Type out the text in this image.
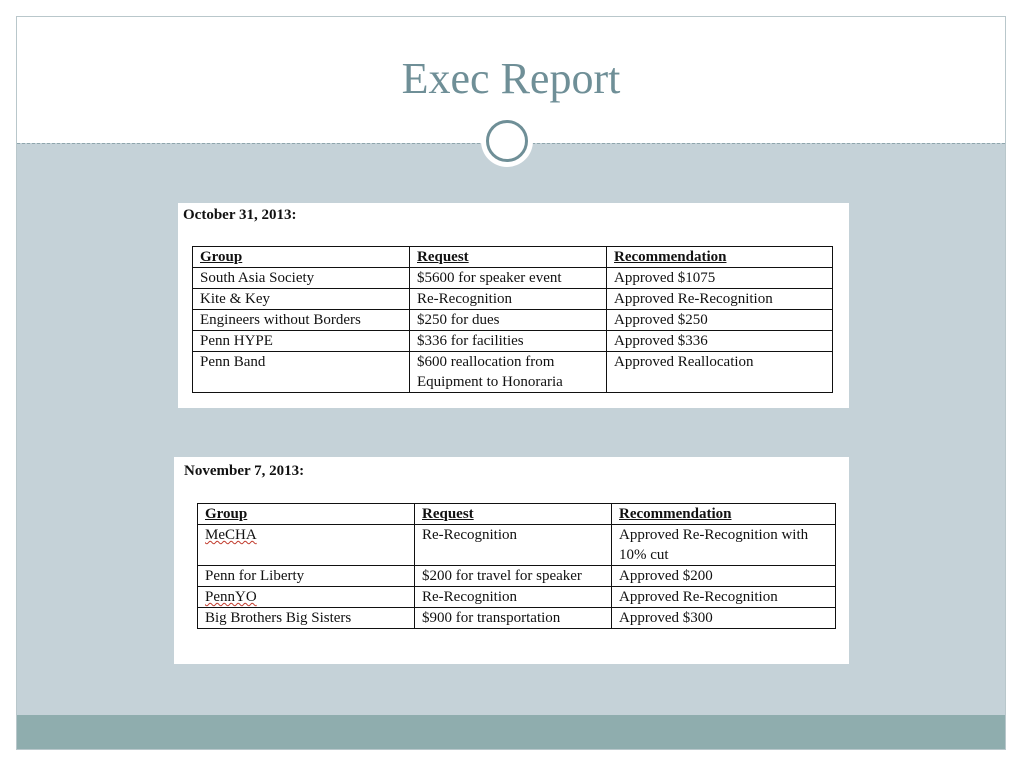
Exec Report
October 31, 2013:
Group	Request	Recommendation
South Asia Society	$5600 for speaker event	Approved $1075
Kite & Key	Re-Recognition	Approved Re-Recognition
Engineers without Borders	$250 for dues	Approved $250
Penn HYPE	$336 for facilities	Approved $336
Penn Band	$600 reallocation from Equipment to Honoraria	Approved Reallocation
November 7, 2013:
Group	Request	Recommendation
MeCHA	Re-Recognition	Approved Re-Recognition with 10% cut
Penn for Liberty	$200 for travel for speaker	Approved $200
PennYO	Re-Recognition	Approved Re-Recognition
Big Brothers Big Sisters	$900 for transportation	Approved $300
